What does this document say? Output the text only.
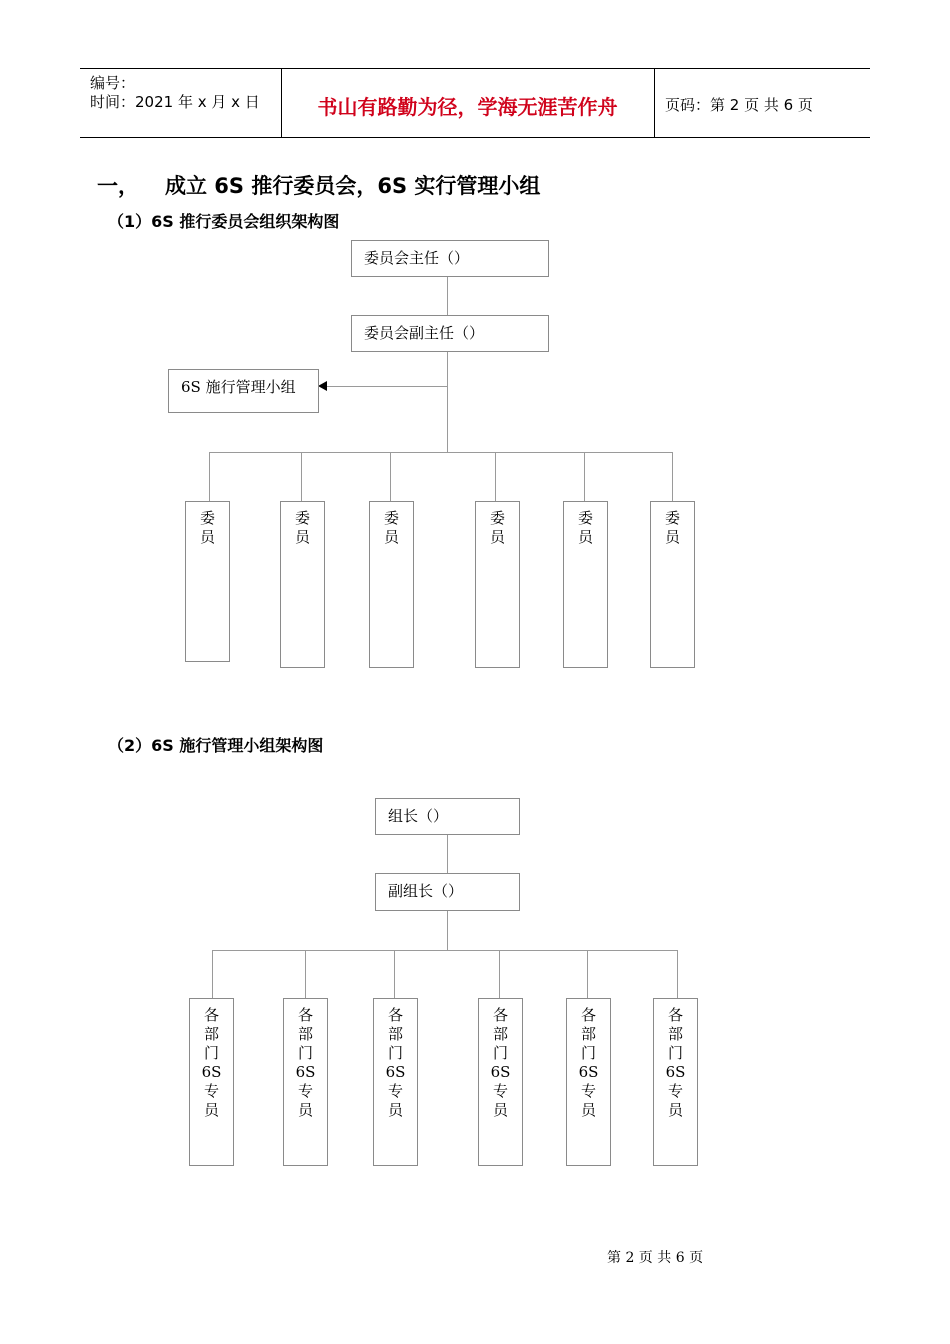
编号：
时间：2021 年 x 月 x 日	书山有路勤为径，学海无涯苦作舟	页码：第 2 页 共 6 页
一， 成立 6S 推行委员会，6S 实行管理小组
（1）6S 推行委员会组织架构图
委员会主任（）
委员会副主任（）
6S 施行管理小组
委
员
委
员
委
员
委
员
委
员
委
员
（2）6S 施行管理小组架构图
组长（）
副组长（）
各
部
门
6S
专
员
各
部
门
6S
专
员
各
部
门
6S
专
员
各
部
门
6S
专
员
各
部
门
6S
专
员
各
部
门
6S
专
员
第 2 页 共 6 页
